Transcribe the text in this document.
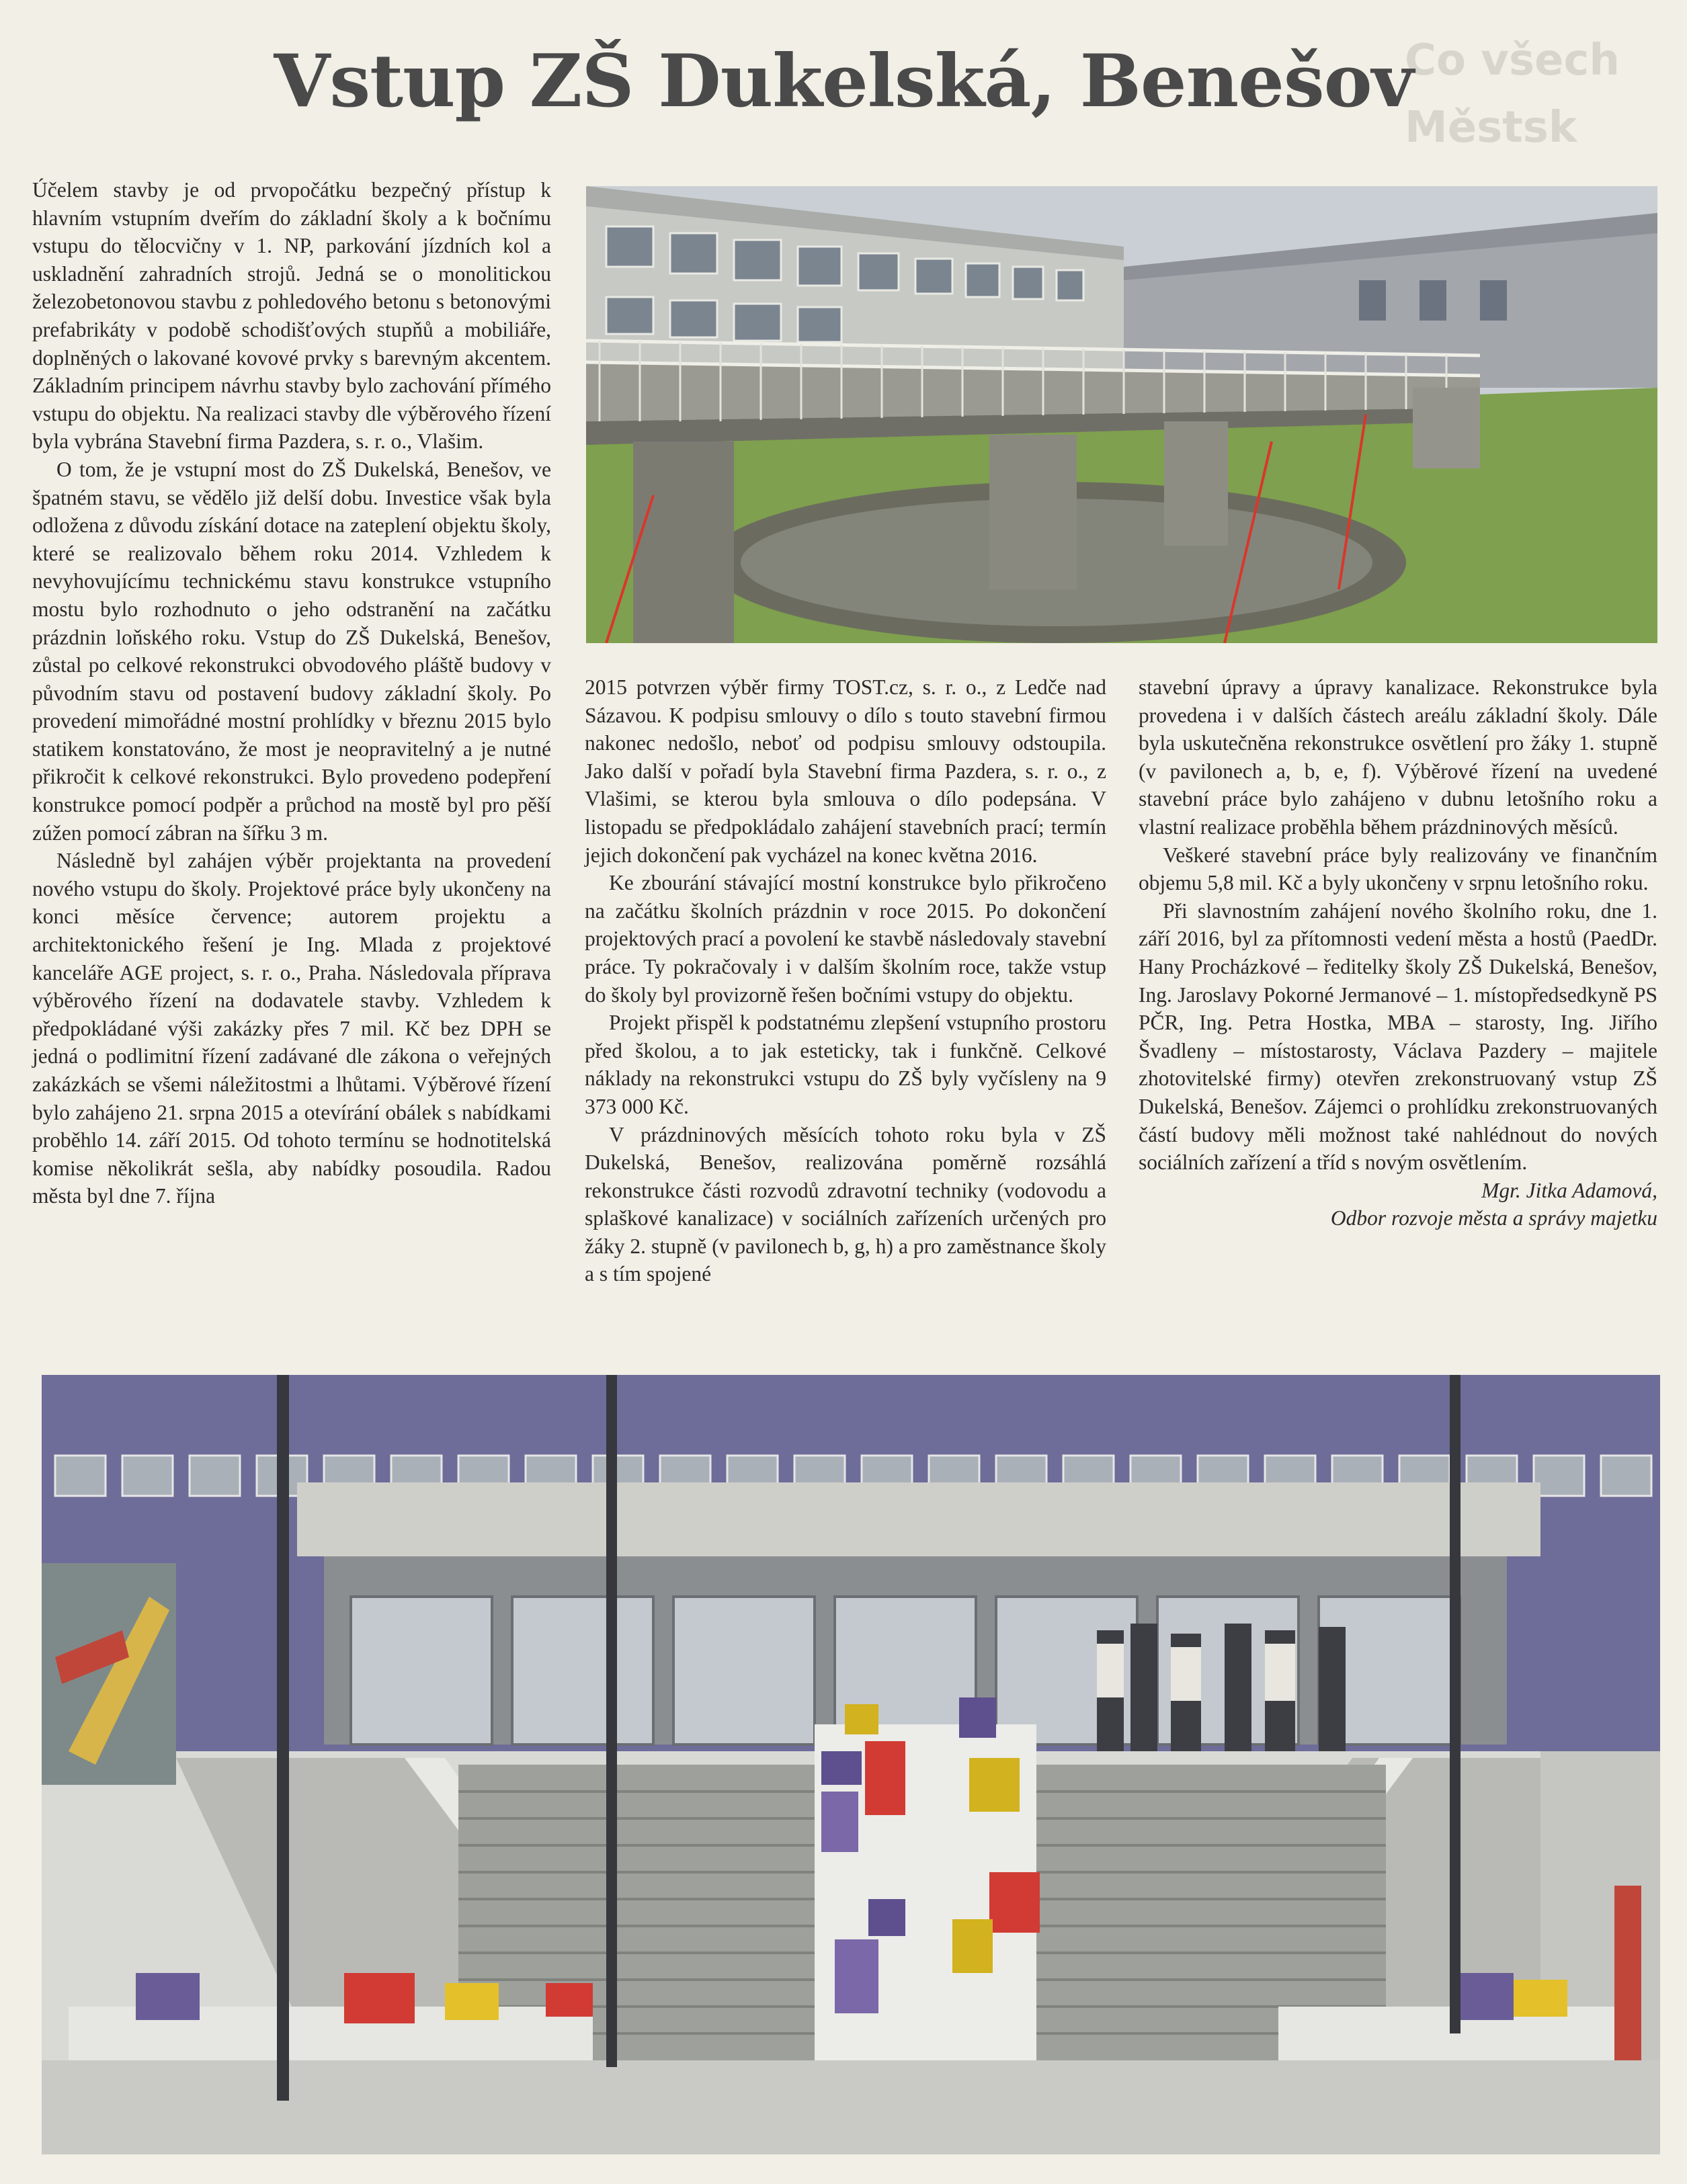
Co všech
Městsk
Vstup ZŠ Dukelská, Benešov

Účelem stavby je od prvopočátku bezpečný přístup k hlavním vstupním dveřím do základní školy a k bočnímu vstupu do tělocvičny v 1. NP, parkování jízdních kol a uskladnění zahradních strojů. Jedná se o monolitickou železobetonovou stavbu z pohledového betonu s betonovými prefabrikáty v podobě schodišťových stupňů a mobiliáře, doplněných o lakované kovové prvky s barevným akcentem. Základním principem návrhu stavby bylo zachování přímého vstupu do objektu. Na realizaci stavby dle výběrového řízení byla vybrána Stavební firma Pazdera, s. r. o., Vlašim.

O tom, že je vstupní most do ZŠ Dukelská, Benešov, ve špatném stavu, se vědělo již delší dobu. Investice však byla odložena z důvodu získání dotace na zateplení objektu školy, které se realizovalo během roku 2014. Vzhledem k nevyhovujícímu technickému stavu konstrukce vstupního mostu bylo rozhodnuto o jeho odstranění na začátku prázdnin loňského roku. Vstup do ZŠ Dukelská, Benešov, zůstal po celkové rekonstrukci obvodového pláště budovy v původním stavu od postavení budovy základní školy. Po provedení mimořádné mostní prohlídky v březnu 2015 bylo statikem konstatováno, že most je neopravitelný a je nutné přikročit k celkové rekonstrukci. Bylo provedeno podepření konstrukce pomocí podpěr a průchod na mostě byl pro pěší zúžen pomocí zábran na šířku 3 m.

Následně byl zahájen výběr projektanta na provedení nového vstupu do školy. Projektové práce byly ukončeny na konci měsíce července; autorem projektu a architektonického řešení je Ing. Mlada z projektové kanceláře AGE project, s. r. o., Praha. Následovala příprava výběrového řízení na dodavatele stavby. Vzhledem k předpokládané výši zakázky přes 7 mil. Kč bez DPH se jedná o podlimitní řízení zadávané dle zákona o veřejných zakázkách se všemi náležitostmi a lhůtami. Výběrové řízení bylo zahájeno 21. srpna 2015 a otevírání obálek s nabídkami proběhlo 14. září 2015. Od tohoto termínu se hodnotitelská komise několikrát sešla, aby nabídky posoudila. Radou města byl dne 7. října

2015 potvrzen výběr firmy TOST.cz, s. r. o., z Ledče nad Sázavou. K podpisu smlouvy o dílo s touto stavební firmou nakonec nedošlo, neboť od podpisu smlouvy odstoupila. Jako další v pořadí byla Stavební firma Pazdera, s. r. o., z Vlašimi, se kterou byla smlouva o dílo podepsána. V listopadu se předpokládalo zahájení stavebních prací; termín jejich dokončení pak vycházel na konec května 2016.

Ke zbourání stávající mostní konstrukce bylo přikročeno na začátku školních prázdnin v roce 2015. Po dokončení projektových prací a povolení ke stavbě následovaly stavební práce. Ty pokračovaly i v dalším školním roce, takže vstup do školy byl provizorně řešen bočními vstupy do objektu.

Projekt přispěl k podstatnému zlepšení vstupního prostoru před školou, a to jak esteticky, tak i funkčně. Celkové náklady na rekonstrukci vstupu do ZŠ byly vyčísleny na 9 373 000 Kč.

V prázdninových měsících tohoto roku byla v ZŠ Dukelská, Benešov, realizována poměrně rozsáhlá rekonstrukce části rozvodů zdravotní techniky (vodovodu a splaškové kanalizace) v sociálních zařízeních určených pro žáky 2. stupně (v pavilonech b, g, h) a pro zaměstnance školy a s tím spojené

stavební úpravy a úpravy kanalizace. Rekonstrukce byla provedena i v dalších částech areálu základní školy. Dále byla uskutečněna rekonstrukce osvětlení pro žáky 1. stupně (v pavilonech a, b, e, f). Výběrové řízení na uvedené stavební práce bylo zahájeno v dubnu letošního roku a vlastní realizace proběhla během prázdninových měsíců.

Veškeré stavební práce byly realizovány ve finančním objemu 5,8 mil. Kč a byly ukončeny v srpnu letošního roku.

Při slavnostním zahájení nového školního roku, dne 1. září 2016, byl za přítomnosti vedení města a hostů (PaedDr. Hany Procházkové – ředitelky školy ZŠ Dukelská, Benešov, Ing. Jaroslavy Pokorné Jermanové – 1. místopředsedkyně PS PČR, Ing. Petra Hostka, MBA – starosty, Ing. Jiřího Švadleny – místostarosty, Václava Pazdery – majitele zhotovitelské firmy) otevřen zrekonstruovaný vstup ZŠ Dukelská, Benešov. Zájemci o prohlídku zrekonstruovaných částí budovy měli možnost také nahlédnout do nových sociálních zařízení a tříd s novým osvětlením.

Mgr. Jitka Adamová,

Odbor rozvoje města a správy majetku
